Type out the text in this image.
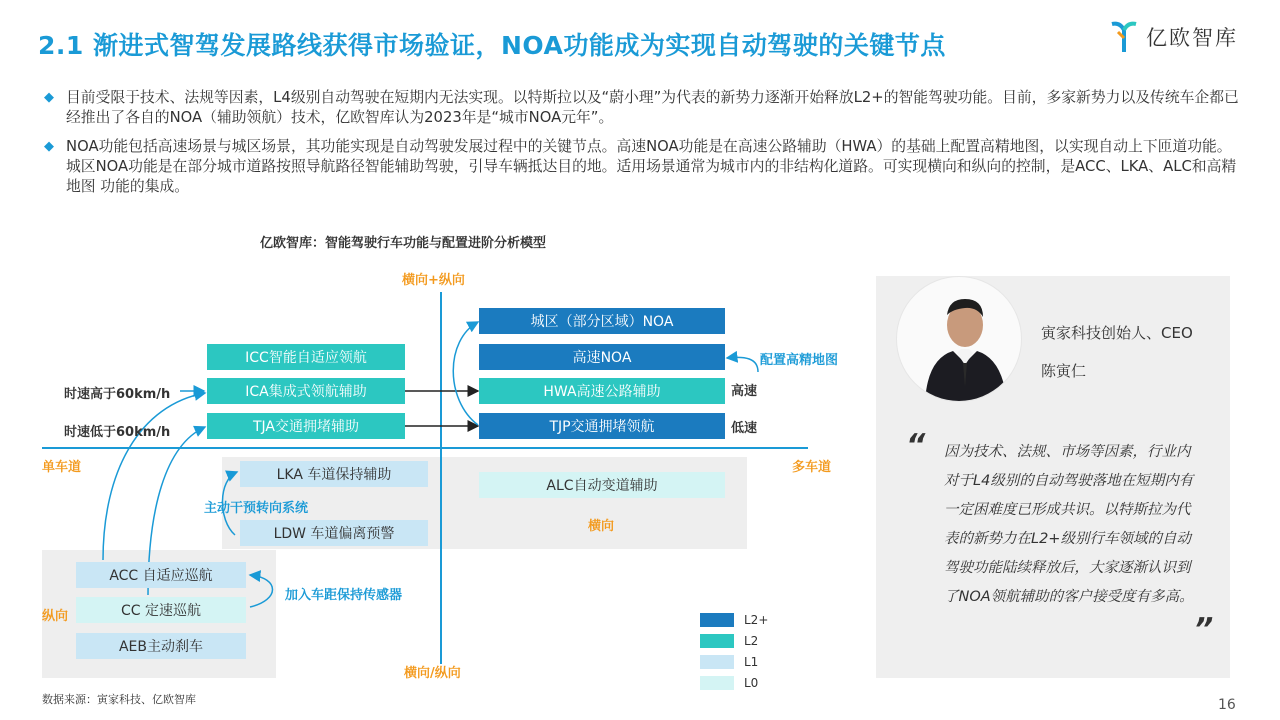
2.1 渐进式智驾发展路线获得市场验证，NOA功能成为实现自动驾驶的关键节点	亿欧智库
◆ 目前受限于技术、法规等因素，L4级别自动驾驶在短期内无法实现。以特斯拉以及“蔚小理”为代表的新势力逐渐开始释放L2+的智能驾驶功能。目前，多家新势力以及传统车企都已经推出了各自的NOA（辅助领航）技术，亿欧智库认为2023年是“城市NOA元年”。
◆ NOA功能包括高速场景与城区场景，其功能实现是自动驾驶发展过程中的关键节点。高速NOA功能是在高速公路辅助（HWA）的基础上配置高精地图，以实现自动上下匝道功能。城区NOA功能是在部分城市道路按照导航路径智能辅助驾驶，引导车辆抵达目的地。适用场景通常为城市内的非结构化道路。可实现横向和纵向的控制，是ACC、LKA、ALC和高精地图 功能的集成。
亿欧智库：智能驾驶行车功能与配置进阶分析模型
城区（部分区域）NOA
高速NOA
HWA高速公路辅助
TJP交通拥堵领航
ICC智能自适应领航
ICA集成式领航辅助
TJA交通拥堵辅助
LKA 车道保持辅助
LDW 车道偏离预警
ALC自动变道辅助
ACC 自适应巡航
CC 定速巡航
AEB主动刹车
横向+纵向
横向/纵向
单车道	多车道
纵向
横向
时速高于60km/h
时速低于60km/h
配置高精地图
高速
低速
主动干预转向系统
加入车距保持传感器
L2+
L2
L1
L0
寅家科技创始人、CEO
陈寅仁
“ 因为技术、法规、市场等因素，行业内对于L4级别的自动驾驶落地在短期内有一定困难度已形成共识。以特斯拉为代表的新势力在L2+级别行车领域的自动驾驶功能陆续释放后，大家逐渐认识到了NOA领航辅助的客户接受度有多高。
”
数据来源：寅家科技、亿欧智库	16
